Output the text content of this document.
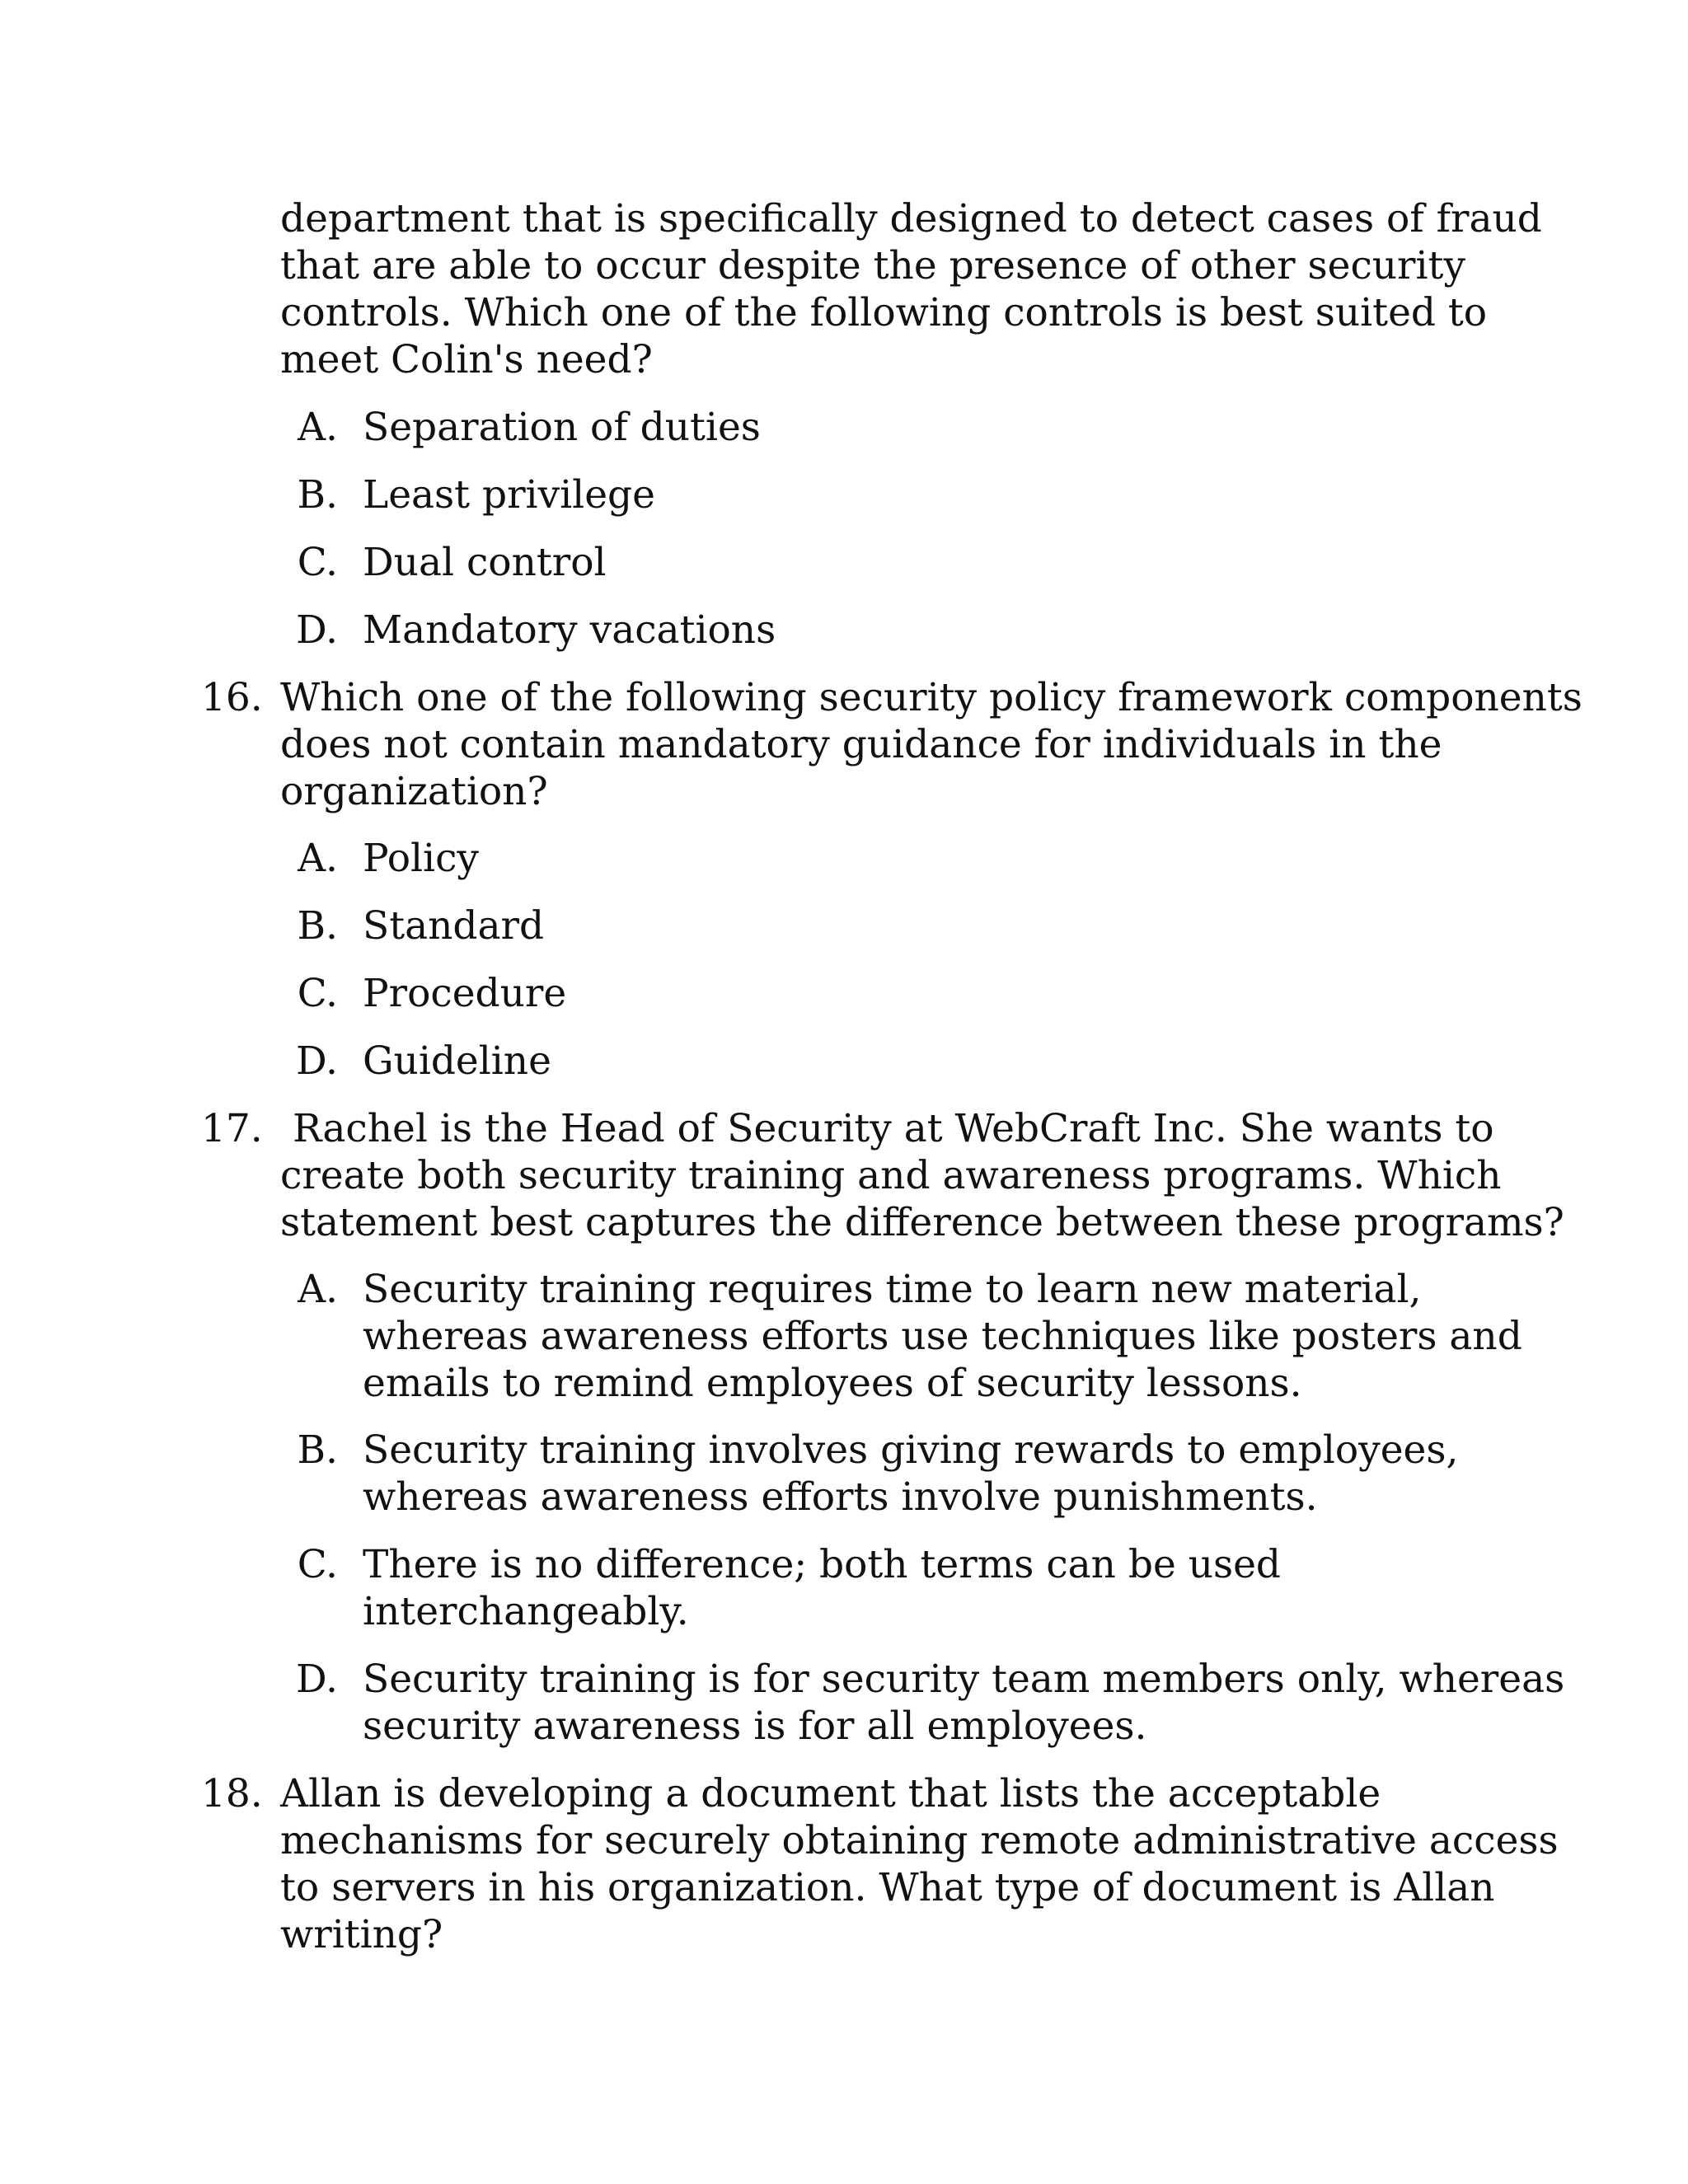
department that is specifically designed to detect cases of fraud
that are able to occur despite the presence of other security
controls. Which one of the following controls is best suited to
meet Colin's need?
A. Separation of duties
B. Least privilege
C. Dual control
D. Mandatory vacations
16. Which one of the following security policy framework components
does not contain mandatory guidance for individuals in the
organization?
A. Policy
B. Standard
C. Procedure
D. Guideline
17. Rachel is the Head of Security at WebCraft Inc. She wants to
create both security training and awareness programs. Which
statement best captures the difference between these programs?
A. Security training requires time to learn new material,
whereas awareness efforts use techniques like posters and
emails to remind employees of security lessons.
B. Security training involves giving rewards to employees,
whereas awareness efforts involve punishments.
C. There is no difference; both terms can be used
interchangeably.
D. Security training is for security team members only, whereas
security awareness is for all employees.
18. Allan is developing a document that lists the acceptable
mechanisms for securely obtaining remote administrative access
to servers in his organization. What type of document is Allan
writing?
